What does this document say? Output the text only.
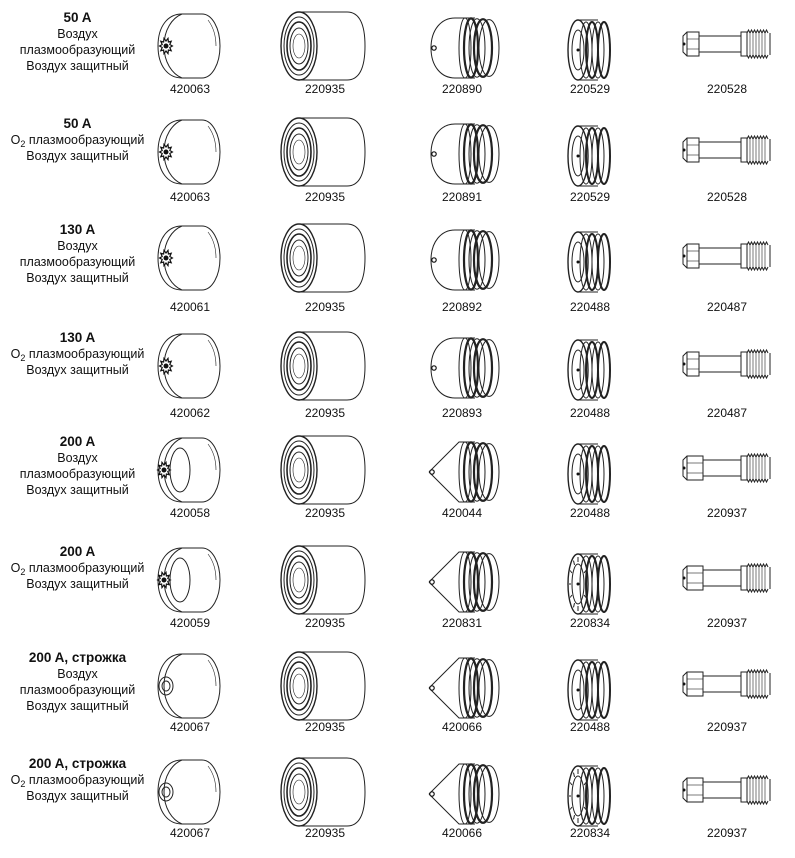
50 A
Воздух
плазмообразующий
Воздух защитный
420063	220935	220890	220529	220528
50 A
$O_2$ плазмообразующий
Воздух защитный
420063	220935	220891	220529	220528
130 A
Воздух
плазмообразующий
Воздух защитный
420061	220935	220892	220488	220487
130 A
$O_2$ плазмообразующий
Воздух защитный
420062	220935	220893	220488	220487
200 A
Воздух
плазмообразующий
Воздух защитный
420058	220935	420044	220488	220937
200 A
$O_2$ плазмообразующий
Воздух защитный
420059	220935	220831	220834	220937
200 A, строжка
Воздух
плазмообразующий
Воздух защитный
420067	220935	420066	220488	220937
200 A, строжка
$O_2$ плазмообразующий
Воздух защитный
420067	220935	420066	220834	220937
